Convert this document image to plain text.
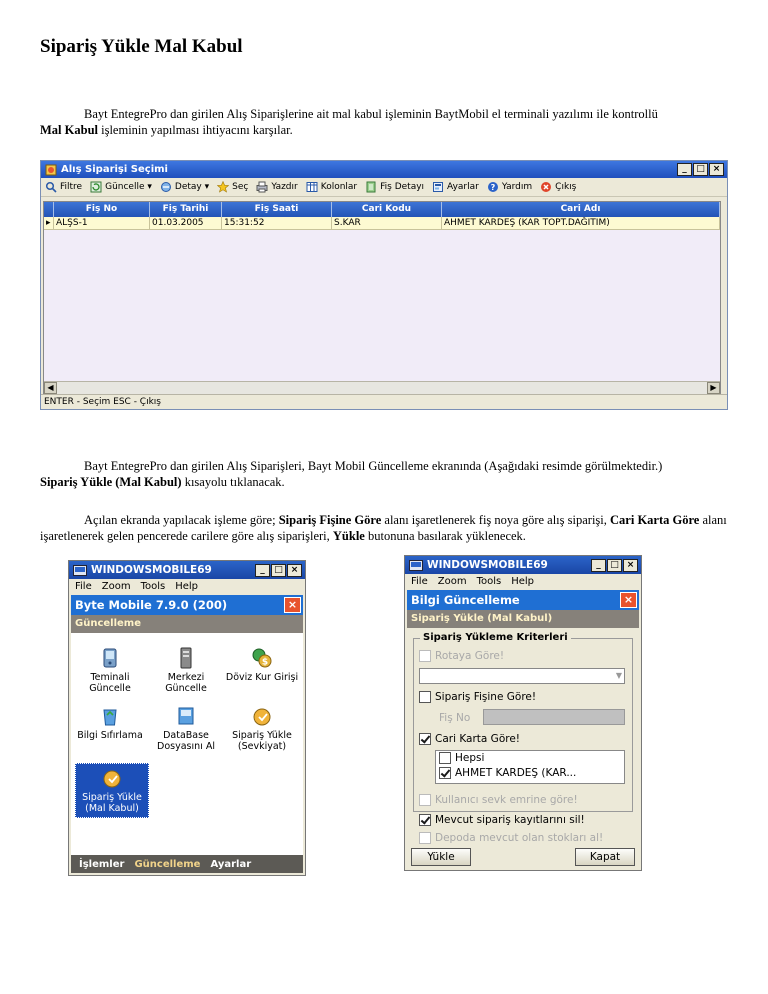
Sipariş Yükle Mal Kabul

Bayt EntegrePro dan girilen Alış Siparişlerine ait mal kabul işleminin BaytMobil el terminali yazılımı ile kontrollü
Mal Kabul işleminin yapılması ihtiyacını karşılar.

Alış Siparişi Seçimi	_	□ ×
Filtre	Güncelle ▾	Detay ▾	Seç	Yazdır	Kolonlar	Fiş Detayı	Ayarlar ? Yardım	Çıkış
Fiş No	Fiş Tarihi	Fiş Saati	Cari Kodu	Cari Adı
▸ ALŞS-1	01.03.2005	15:31:52	S.KAR	AHMET KARDEŞ (KAR TOPT.DAĞITIM)
◀	▶
ENTER - Seçim ESC - Çıkış

Bayt EntegrePro dan girilen Alış Siparişleri, Bayt Mobil Güncelleme ekranında (Aşağıdaki resimde görülmektedir.)
Sipariş Yükle (Mal Kabul) kısayolu tıklanacak.

Açılan ekranda yapılacak işleme göre; Sipariş Fişine Göre alanı işaretlenerek fiş noya göre alış siparişi, Cari Karta Göre alanı işaretlenerek gelen pencerede carilere göre alış siparişleri, Yükle butonuna basılarak yüklenecek.

WINDOWSMOBILE69	_	□ ×
File Zoom Tools Help
Byte Mobile 7.9.0 (200)	×
Güncelleme
Teminali Güncelle
Merkezi Güncelle
$
Döviz Kur Girişi
Bilgi Sıfırlama	DataBase Dosyasını Al
Sipariş Yükle (Sevkiyat)
Sipariş Yükle (Mal Kabul)
İşlemler Güncelleme Ayarlar
WINDOWSMOBILE69	_	□ ×
File Zoom Tools Help
Bilgi Güncelleme	×
Sipariş Yükle (Mal Kabul)
Sipariş Yükleme Kriterleri
Rotaya Göre!
▼
Sipariş Fişine Göre!
Fiş No
Cari Karta Göre!
Hepsi
AHMET KARDEŞ (KAR...
Kullanıcı sevk emrine göre!
Mevcut sipariş kayıtlarını sil!
Depoda mevcut olan stokları al!
Yükle	Kapat
